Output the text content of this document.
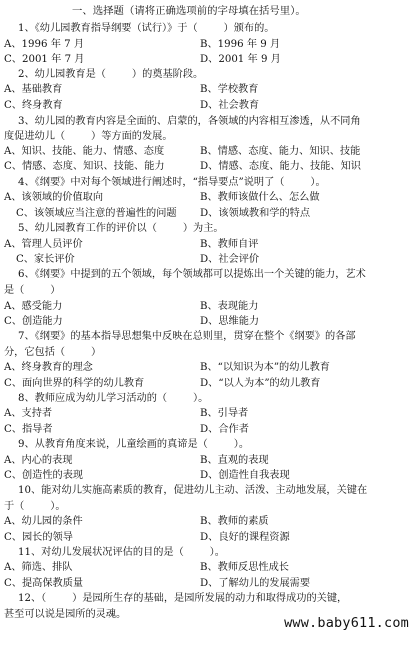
一、选择题（请将正确选项前的字母填在括号里）。
1、《幼儿园教育指导纲要（试行）》于（        ）颁布的。
A、1996 年 7 月	B、1996 年 9 月
C、2001 年 7 月	D、2001 年 9 月
2、幼儿园教育是（        ）的奠基阶段。
A、基础教育	B、学校教育
C、终身教育	D、社会教育
3、幼儿园的教育内容是全面的、启蒙的，各领域的内容相互渗透，从不同角
度促进幼儿（        ）等方面的发展。
A、知识、技能、能力、情感、态度	B、情感、态度、能力、知识、技能
C、情感、态度、知识、技能、能力	D、情感、态度、能力、技能、知识
4、《纲要》中对每个领域进行阐述时，“指导要点”说明了（        ）。
A、该领域的价值取向	B、教师该做什么、怎么做
C、该领域应当注意的普遍性的问题 D、该领域教和学的特点
5、幼儿园教育工作的评价以（        ）为主。
A、管理人员评价	B、教师自评
C、家长评价	D、社会评价
6、《纲要》中提到的五个领域，每个领域都可以提炼出一个关键的能力，艺术
是（        ）
A、感受能力	B、表现能力
C、创造能力	D、思维能力
7、《纲要》的基本指导思想集中反映在总则里，贯穿在整个《纲要》的各部
分，它包括（        ）
A、终身教育的理念	B、“以知识为本”的幼儿教育
C、面向世界的科学的幼儿教育	D、“以人为本”的幼儿教育
8、教师应成为幼儿学习活动的（        ）。
A、支持者	B、引导者
C、指导者	D、合作者
9、从教育角度来说，儿童绘画的真谛是（        ）。
A、内心的表现	B、直观的表现
C、创造性的表现	D、创造性自我表现
10、能对幼儿实施高素质的教育，促进幼儿主动、活泼、主动地发展，关键在
于（        ）。
A、幼儿园的条件	B、教师的素质
C、园长的领导	D、良好的课程资源
11、对幼儿发展状况评估的目的是（        ）。
A、筛选、排队	B、教师反思性成长
C、提高保教质量	D、了解幼儿的发展需要
12、（        ）是园所生存的基础，是园所发展的动力和取得成功的关键，
甚至可以说是园所的灵魂。
www.baby611.com
